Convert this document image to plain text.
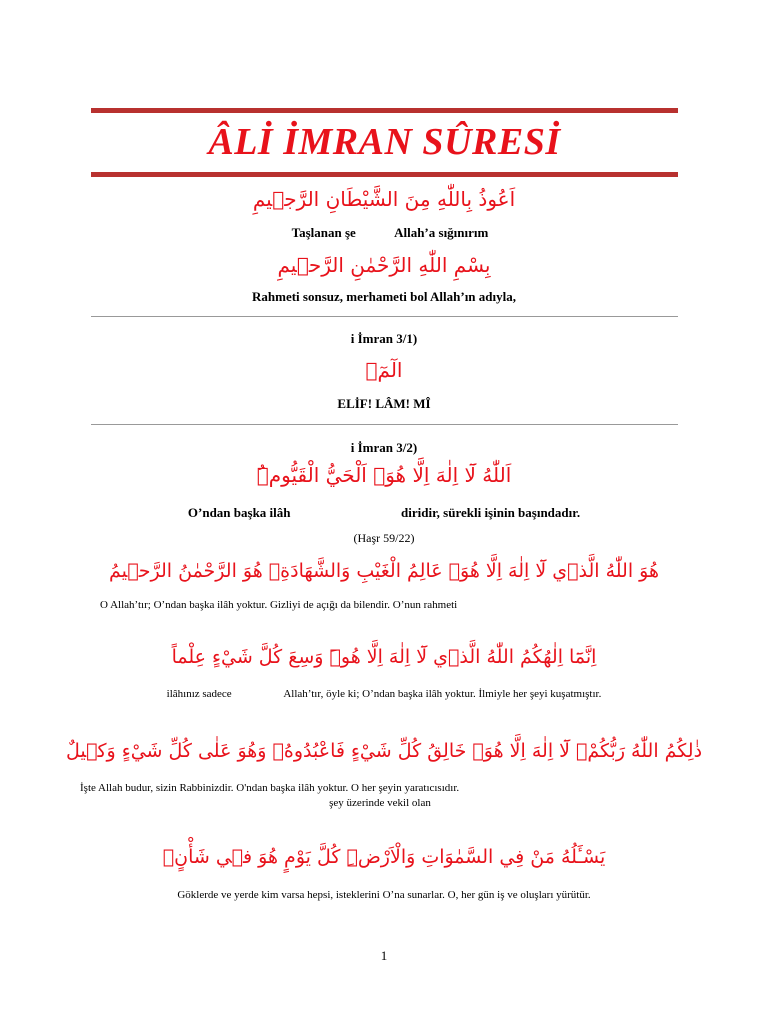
ÂLİ İMRAN SÛRESİ
اَعُوذُ بِاللّٰهِ مِنَ الشَّيْطَانِ الرَّج۪يمِ
Taşlanan şe            Allah’a sığınırım
بِسْمِ اللّٰهِ الرَّحْمٰنِ الرَّح۪يمِ
Rahmeti sonsuz, merhameti bol Allah’ın adıyla,
i İmran 3/1)
الٓمٓۜ
ELİF! LÂM! MÎ
i İmran 3/2)
اَللّٰهُ لَٓا اِلٰهَ اِلَّا هُوَۙ اَلْحَيُّ الْقَيُّومُۜ
O’ndan başka ilâh                                  diridir, sürekli işinin başındadır.
(Haşr 59/22)
هُوَ اللّٰهُ الَّذ۪ي لَٓا اِلٰهَ اِلَّا هُوَۚ عَالِمُ الْغَيْبِ وَالشَّهَادَةِۚ هُوَ الرَّحْمٰنُ الرَّح۪يمُ
O Allah’tır; O’ndan başka ilâh yoktur. Gizliyi de açığı da bilendir. O’nun rahmeti
اِنَّمَٓا اِلٰهُكُمُ اللّٰهُ الَّذ۪ي لَٓا اِلٰهَ اِلَّا هُوَۜ وَسِعَ كُلَّ شَيْءٍ عِلْماً
ilâhınız sadece                   Allah’tır, öyle ki; O’ndan başka ilâh yoktur. İlmiyle her şeyi kuşatmıştır.
ذٰلِكُمُ اللّٰهُ رَبُّكُمْۚ لَٓا اِلٰهَ اِلَّا هُوَۚ خَالِقُ كُلِّ شَيْءٍ فَاعْبُدُوهُۚ وَهُوَ عَلٰى كُلِّ شَيْءٍ وَك۪يلٌ
İşte Allah budur, sizin Rabbinizdir. O'ndan başka ilâh yoktur. O her şeyin yaratıcısıdır.
şey üzerinde vekil olan
يَسْـَٔلُهُ مَنْ فِي السَّمٰوَاتِ وَالْاَرْضِۜ كُلَّ يَوْمٍ هُوَ ف۪ي شَأْنٍۚ
Göklerde ve yerde kim varsa hepsi, isteklerini O’na sunarlar. O, her gün iş ve oluşları yürütür.
1
